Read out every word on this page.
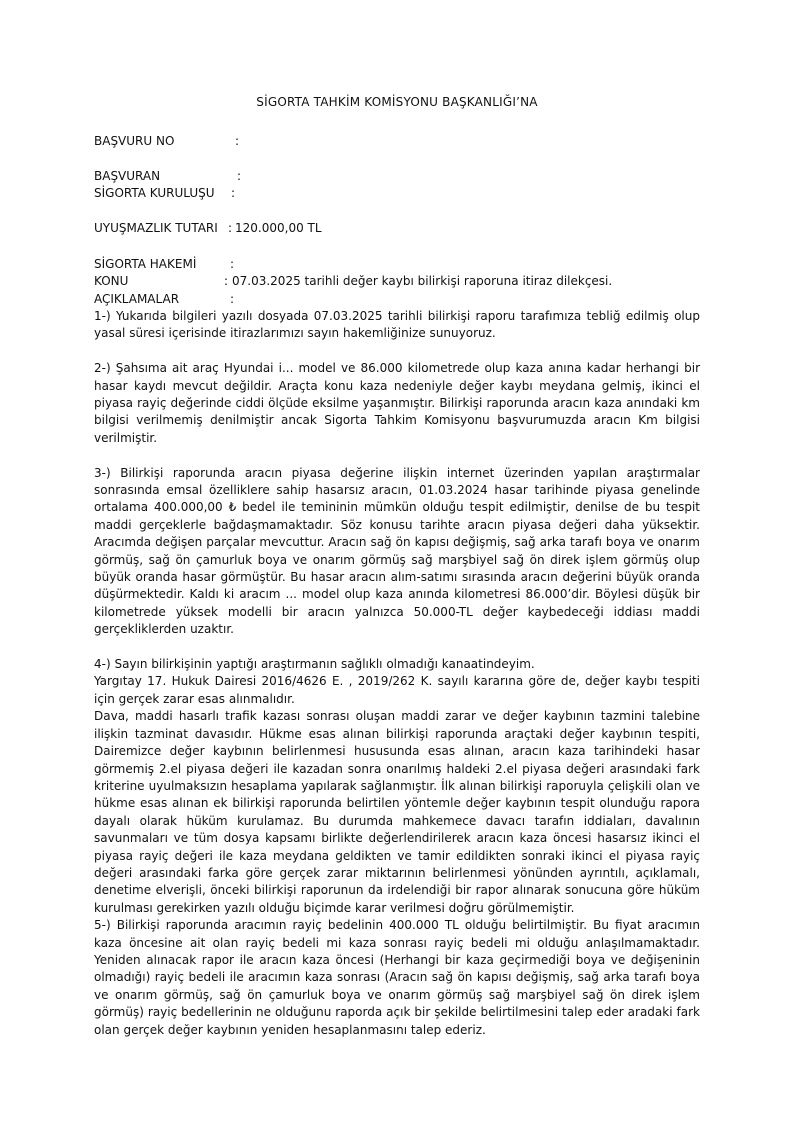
SİGORTA TAHKİM KOMİSYONU BAŞKANLIĞI’NA
BAŞVURU NO	:
BAŞVURAN	:
SİGORTA KURULUŞU :
UYUŞMAZLIK TUTARI : 120.000,00 TL
SİGORTA HAKEMİ	:
KONU	: 07.03.2025 tarihli değer kaybı bilirkişi raporuna itiraz dilekçesi.
AÇIKLAMALAR	:

1-) Yukarıda bilgileri yazılı dosyada 07.03.2025 tarihli bilirkişi raporu tarafımıza tebliğ edilmiş olup yasal süresi içerisinde itirazlarımızı sayın hakemliğinize sunuyoruz.

2-) Şahsıma ait araç Hyundai i... model ve 86.000 kilometrede olup kaza anına kadar herhangi bir hasar kaydı mevcut değildir. Araçta konu kaza nedeniyle değer kaybı meydana gelmiş, ikinci el piyasa rayiç değerinde ciddi ölçüde eksilme yaşanmıştır. Bilirkişi raporunda aracın kaza anındaki km bilgisi verilmemiş denilmiştir ancak Sigorta Tahkim Komisyonu başvurumuzda aracın Km bilgisi verilmiştir.

3-) Bilirkişi raporunda aracın piyasa değerine ilişkin internet üzerinden yapılan araştırmalar sonrasında emsal özelliklere sahip hasarsız aracın, 01.03.2024 hasar tarihinde piyasa genelinde ortalama 400.000,00 ₺ bedel ile temininin mümkün olduğu tespit edilmiştir, denilse de bu tespit maddi gerçeklerle bağdaşmamaktadır. Söz konusu tarihte aracın piyasa değeri daha yüksektir. Aracımda değişen parçalar mevcuttur. Aracın sağ ön kapısı değişmiş, sağ arka tarafı boya ve onarım görmüş, sağ ön çamurluk boya ve onarım görmüş sağ marşbiyel sağ ön direk işlem görmüş olup büyük oranda hasar görmüştür. Bu hasar aracın alım-satımı sırasında aracın değerini büyük oranda düşürmektedir. Kaldı ki aracım ... model olup kaza anında kilometresi 86.000’dir. Böylesi düşük bir kilometrede yüksek modelli bir aracın yalnızca 50.000-TL değer kaybedeceği iddiası maddi gerçekliklerden uzaktır.

4-) Sayın bilirkişinin yaptığı araştırmanın sağlıklı olmadığı kanaatindeyim.

Yargıtay 17. Hukuk Dairesi 2016/4626 E. , 2019/262 K. sayılı kararına göre de, değer kaybı tespiti için gerçek zarar esas alınmalıdır.

Dava, maddi hasarlı trafik kazası sonrası oluşan maddi zarar ve değer kaybının tazmini talebine ilişkin tazminat davasıdır. Hükme esas alınan bilirkişi raporunda araçtaki değer kaybının tespiti, Dairemizce değer kaybının belirlenmesi hususunda esas alınan, aracın kaza tarihindeki hasar görmemiş 2.el piyasa değeri ile kazadan sonra onarılmış haldeki 2.el piyasa değeri arasındaki fark kriterine uyulmaksızın hesaplama yapılarak sağlanmıştır. İlk alınan bilirkişi raporuyla çelişkili olan ve hükme esas alınan ek bilirkişi raporunda belirtilen yöntemle değer kaybının tespit olunduğu rapora dayalı olarak hüküm kurulamaz. Bu durumda mahkemece davacı tarafın iddiaları, davalının savunmaları ve tüm dosya kapsamı birlikte değerlendirilerek aracın kaza öncesi hasarsız ikinci el piyasa rayiç değeri ile kaza meydana geldikten ve tamir edildikten sonraki ikinci el piyasa rayiç değeri arasındaki farka göre gerçek zarar miktarının belirlenmesi yönünden ayrıntılı, açıklamalı, denetime elverişli, önceki bilirkişi raporunun da irdelendiği bir rapor alınarak sonucuna göre hüküm kurulması gerekirken yazılı olduğu biçimde karar verilmesi doğru görülmemiştir.

5-) Bilirkişi raporunda aracımın rayiç bedelinin 400.000 TL olduğu belirtilmiştir. Bu fiyat aracımın kaza öncesine ait olan rayiç bedeli mi kaza sonrası rayiç bedeli mi olduğu anlaşılmamaktadır. Yeniden alınacak rapor ile aracın kaza öncesi (Herhangi bir kaza geçirmediği boya ve değişeninin olmadığı) rayiç bedeli ile aracımın kaza sonrası (Aracın sağ ön kapısı değişmiş, sağ arka tarafı boya ve onarım görmüş, sağ ön çamurluk boya ve onarım görmüş sağ marşbiyel sağ ön direk işlem görmüş) rayiç bedellerinin ne olduğunu raporda açık bir şekilde belirtilmesini talep eder aradaki fark olan gerçek değer kaybının yeniden hesaplanmasını talep ederiz.
